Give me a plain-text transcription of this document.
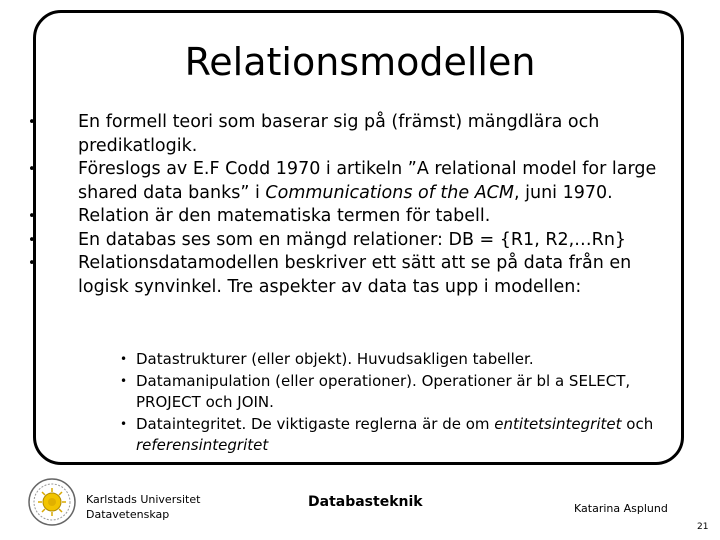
Relationsmodellen
• En formell teori som baserar sig på (främst) mängdlära och predikatlogik.
• Föreslogs av E.F Codd 1970 i artikeln ”A relational model for large shared data banks” i Communications of the ACM, juni 1970.
• Relation är den matematiska termen för tabell.
• En databas ses som en mängd relationer: DB = {R1, R2,…Rn}
• Relationsdatamodellen beskriver ett sätt att se på data från en logisk synvinkel. Tre aspekter av data tas upp i modellen:
• Datastrukturer (eller objekt). Huvudsakligen tabeller.
• Datamanipulation (eller operationer). Operationer är bl a SELECT, PROJECT och JOIN.
• Dataintegritet. De viktigaste reglerna är de om entitetsintegritet och referensintegritet
Karlstads Universitet
Datavetenskap
Databasteknik	Katarina Asplund
21
